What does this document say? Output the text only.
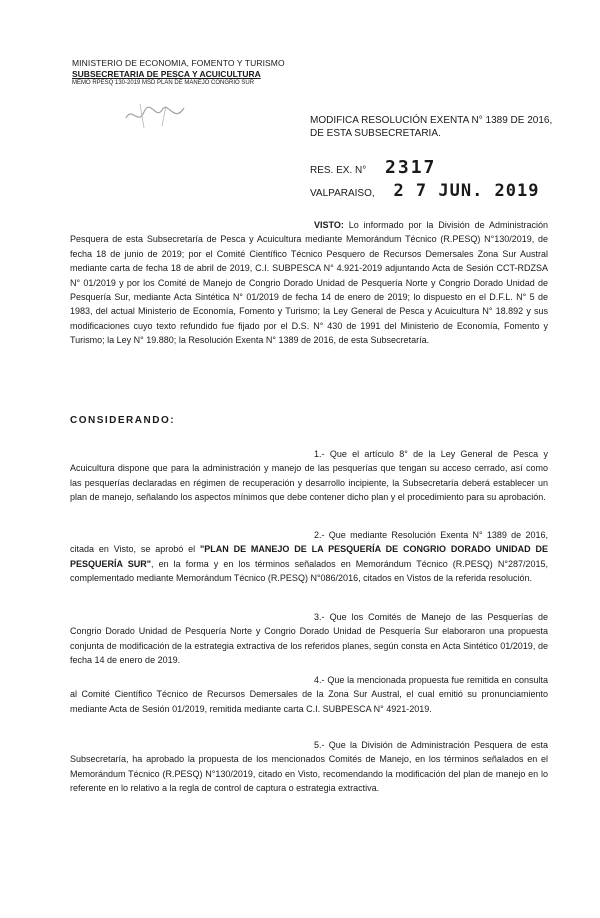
MINISTERIO DE ECONOMIA, FOMENTO Y TURISMO
SUBSECRETARIA DE PESCA Y ACUICULTURA
MEMO RPESQ 130-2019 MSD PLAN DE MANEJO CONGRIO SUR
MODIFICA RESOLUCIÓN EXENTA N° 1389 DE 2016, DE ESTA SUBSECRETARIA.
RES. EX. N° 2317
VALPARAISO, 2 7 JUN. 2019
VISTO: Lo informado por la División de Administración Pesquera de esta Subsecretaría de Pesca y Acuicultura mediante Memorándum Técnico (R.PESQ) N°130/2019, de fecha 18 de junio de 2019; por el Comité Científico Técnico Pesquero de Recursos Demersales Zona Sur Austral mediante carta de fecha 18 de abril de 2019, C.I. SUBPESCA N° 4.921-2019 adjuntando Acta de Sesión CCT-RDZSA N° 01/2019 y por los Comité de Manejo de Congrio Dorado Unidad de Pesquería Norte y Congrio Dorado Unidad de Pesquería Sur, mediante Acta Sintética N° 01/2019 de fecha 14 de enero de 2019; lo dispuesto en el D.F.L. N° 5 de 1983, del actual Ministerio de Economía, Fomento y Turismo; la Ley General de Pesca y Acuicultura N° 18.892 y sus modificaciones cuyo texto refundido fue fijado por el D.S. N° 430 de 1991 del Ministerio de Economía, Fomento y Turismo; la Ley N° 19.880; la Resolución Exenta N° 1389 de 2016, de esta Subsecretaría.
CONSIDERANDO:
1.- Que el artículo 8° de la Ley General de Pesca y Acuicultura dispone que para la administración y manejo de las pesquerías que tengan su acceso cerrado, así como las pesquerías declaradas en régimen de recuperación y desarrollo incipiente, la Subsecretaría deberá establecer un plan de manejo, señalando los aspectos mínimos que debe contener dicho plan y el procedimiento para su aprobación.
2.- Que mediante Resolución Exenta N° 1389 de 2016, citada en Visto, se aprobó el "PLAN DE MANEJO DE LA PESQUERÍA DE CONGRIO DORADO UNIDAD DE PESQUERÍA SUR", en la forma y en los términos señalados en Memorándum Técnico (R.PESQ) N°287/2015, complementado mediante Memorándum Técnico (R.PESQ) N°086/2016, citados en Vistos de la referida resolución.
3.- Que los Comités de Manejo de las Pesquerías de Congrio Dorado Unidad de Pesquería Norte y Congrio Dorado Unidad de Pesquería Sur elaboraron una propuesta conjunta de modificación de la estrategia extractiva de los referidos planes, según consta en Acta Sintético 01/2019, de fecha 14 de enero de 2019.
4.- Que la mencionada propuesta fue remitida en consulta al Comité Científico Técnico de Recursos Demersales de la Zona Sur Austral, el cual emitió su pronunciamiento mediante Acta de Sesión 01/2019, remitida mediante carta C.I. SUBPESCA N° 4921-2019.
5.- Que la División de Administración Pesquera de esta Subsecretaría, ha aprobado la propuesta de los mencionados Comités de Manejo, en los términos señalados en el Memorándum Técnico (R.PESQ) N°130/2019, citado en Visto, recomendando la modificación del plan de manejo en lo referente en lo relativo a la regla de control de captura o estrategia extractiva.
